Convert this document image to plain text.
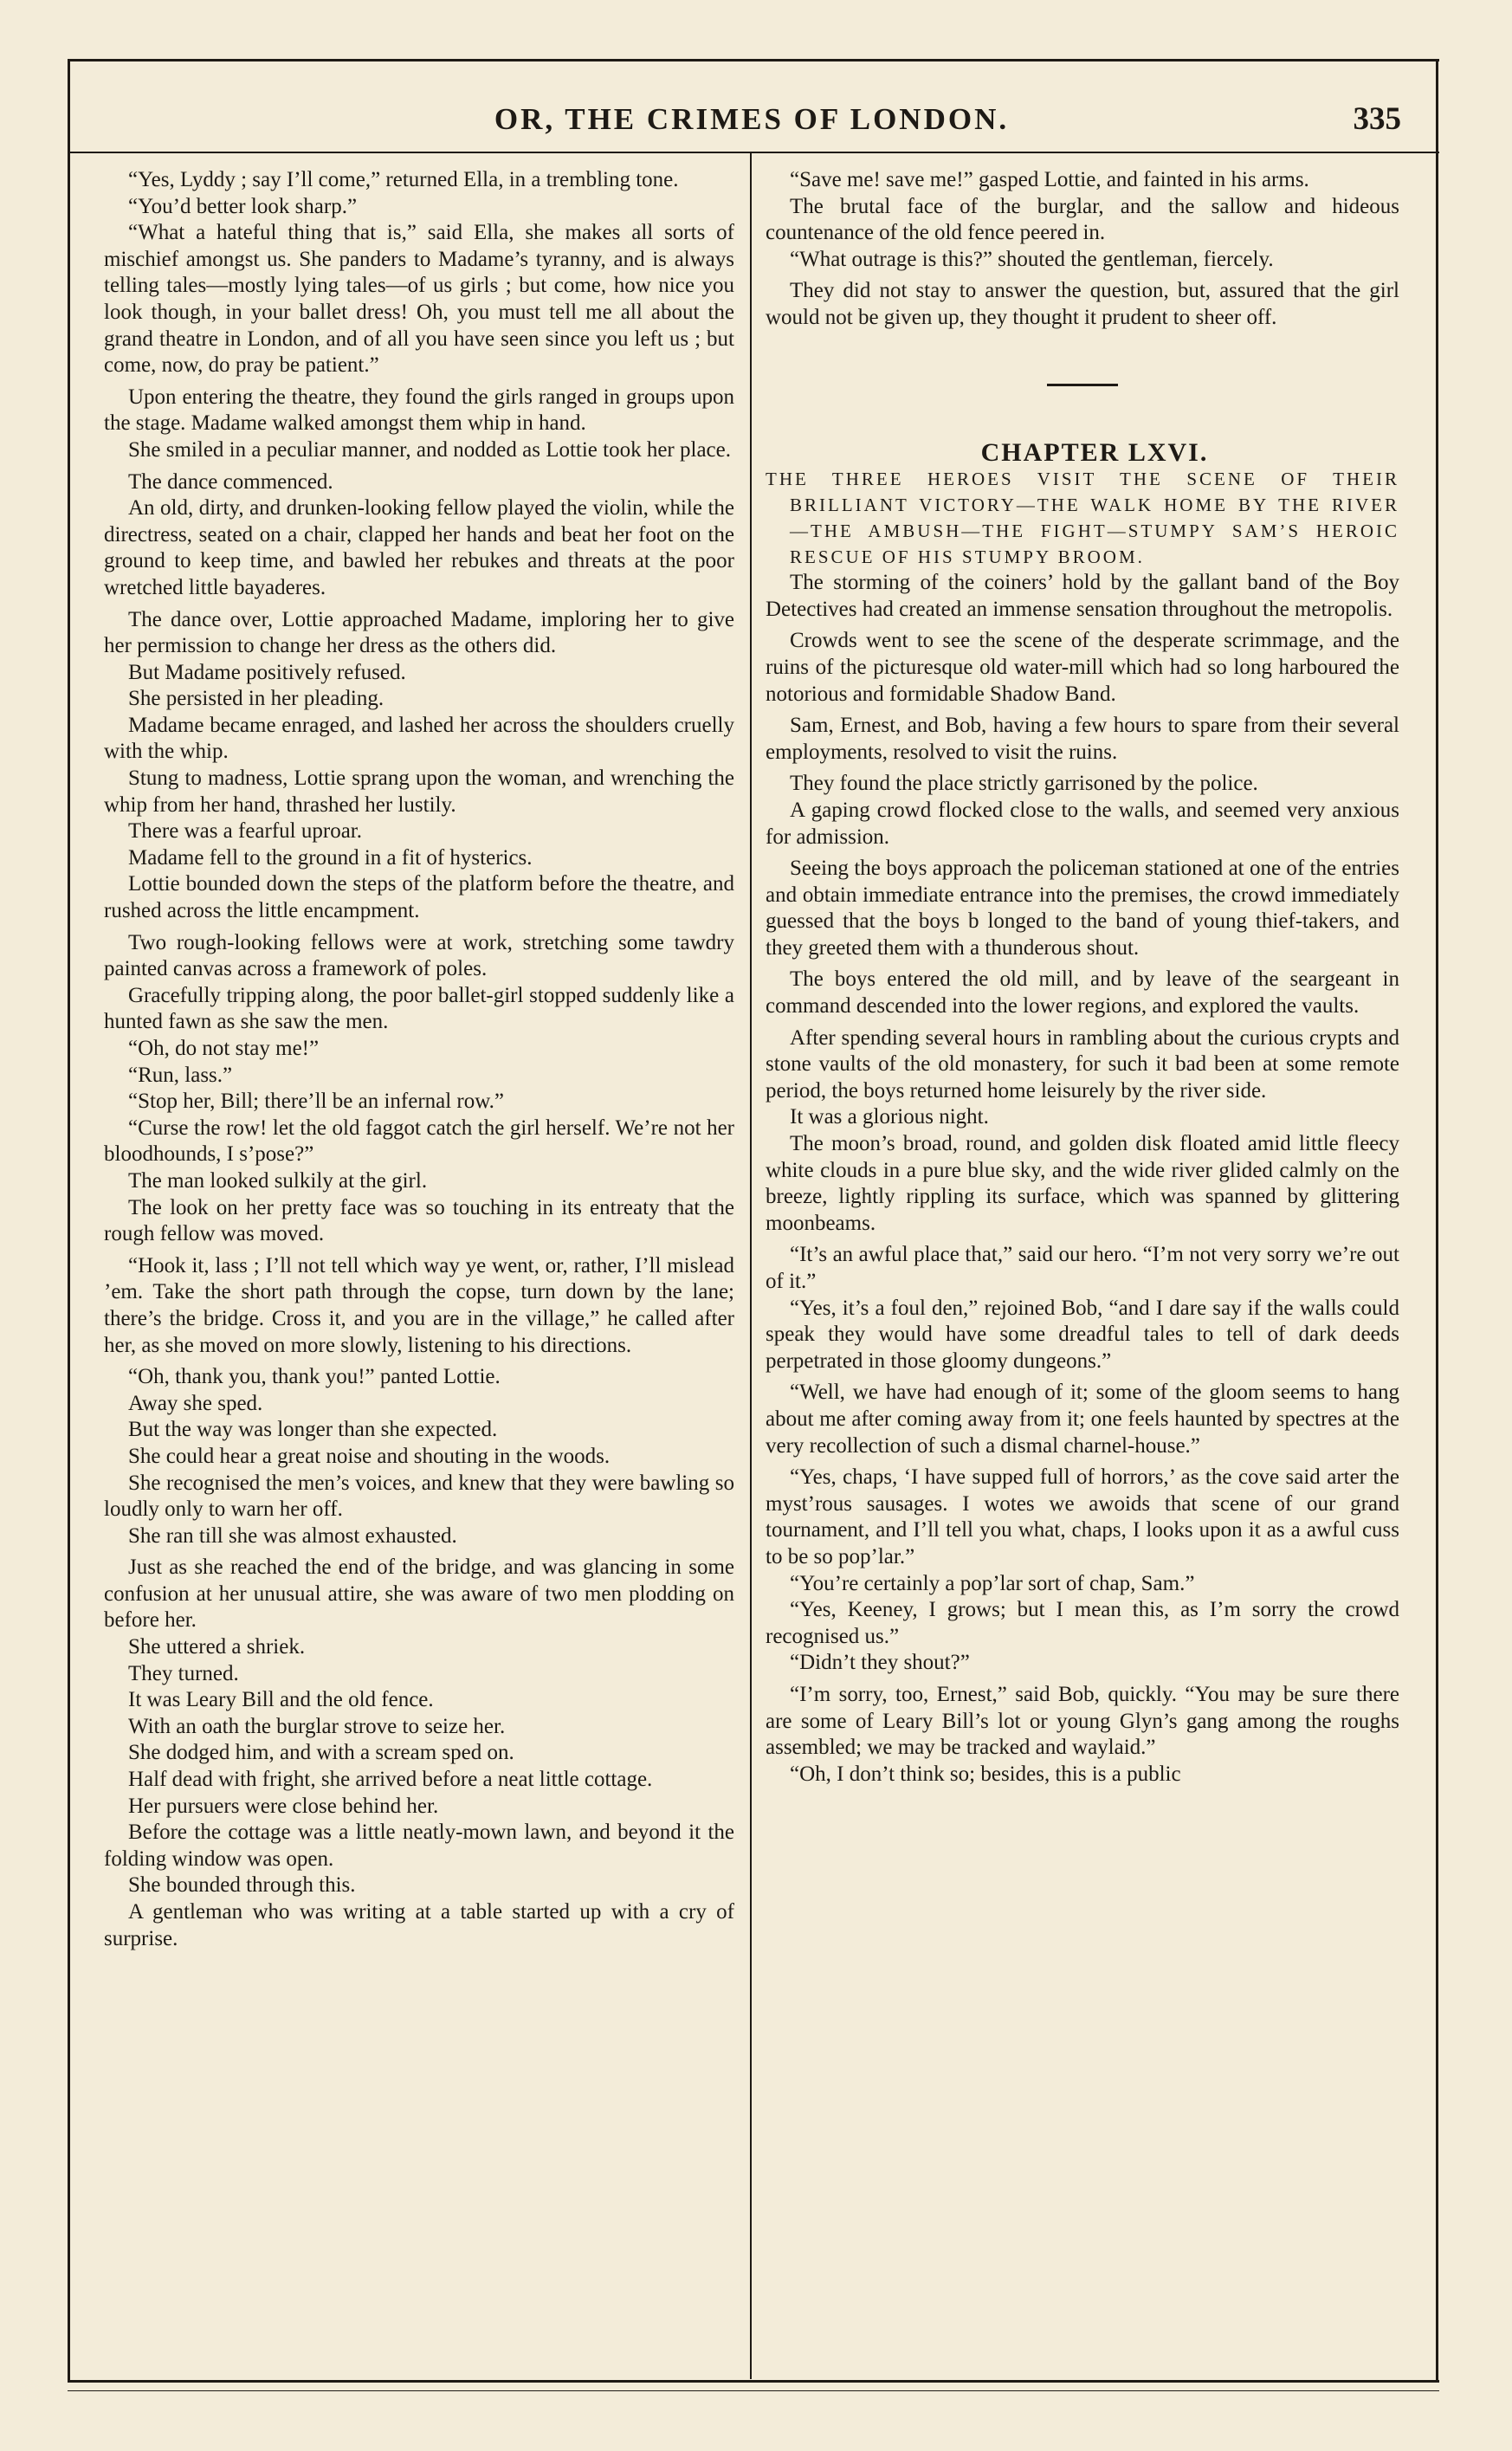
OR, THE CRIMES OF LONDON.	335

“Yes, Lyddy ; say I’ll come,” returned Ella, in a trembling tone.

“You’d better look sharp.”

“What a hateful thing that is,” said Ella, she makes all sorts of mischief amongst us. She panders to Madame’s tyranny, and is always telling tales—mostly lying tales—of us girls ; but come, how nice you look though, in your ballet dress! Oh, you must tell me all about the grand theatre in London, and of all you have seen since you left us ; but come, now, do pray be patient.”

Upon entering the theatre, they found the girls ranged in groups upon the stage. Madame walked amongst them whip in hand.

She smiled in a peculiar manner, and nodded as Lottie took her place.

The dance commenced.

An old, dirty, and drunken-looking fellow played the violin, while the directress, seated on a chair, clapped her hands and beat her foot on the ground to keep time, and bawled her rebukes and threats at the poor wretched little bayaderes.

The dance over, Lottie approached Madame, imploring her to give her permission to change her dress as the others did.

But Madame positively refused.

She persisted in her pleading.

Madame became enraged, and lashed her across the shoulders cruelly with the whip.

Stung to madness, Lottie sprang upon the woman, and wrenching the whip from her hand, thrashed her lustily.

There was a fearful uproar.

Madame fell to the ground in a fit of hysterics.

Lottie bounded down the steps of the platform before the theatre, and rushed across the little encampment.

Two rough-looking fellows were at work, stretching some tawdry painted canvas across a framework of poles.

Gracefully tripping along, the poor ballet-girl stopped suddenly like a hunted fawn as she saw the men.

“Oh, do not stay me!”

“Run, lass.”

“Stop her, Bill; there’ll be an infernal row.”

“Curse the row! let the old faggot catch the girl herself. We’re not her bloodhounds, I s’pose?”

The man looked sulkily at the girl.

The look on her pretty face was so touching in its entreaty that the rough fellow was moved.

“Hook it, lass ; I’ll not tell which way ye went, or, rather, I’ll mislead ’em. Take the short path through the copse, turn down by the lane; there’s the bridge. Cross it, and you are in the village,” he called after her, as she moved on more slowly, listening to his directions.

“Oh, thank you, thank you!” panted Lottie.

Away she sped.

But the way was longer than she expected.

She could hear a great noise and shouting in the woods.

She recognised the men’s voices, and knew that they were bawling so loudly only to warn her off.

She ran till she was almost exhausted.

Just as she reached the end of the bridge, and was glancing in some confusion at her unusual attire, she was aware of two men plodding on before her.

She uttered a shriek.

They turned.

It was Leary Bill and the old fence.

With an oath the burglar strove to seize her.

She dodged him, and with a scream sped on.

Half dead with fright, she arrived before a neat little cottage.

Her pursuers were close behind her.

Before the cottage was a little neatly-mown lawn, and beyond it the folding window was open.

She bounded through this.

A gentleman who was writing at a table started up with a cry of surprise.

“Save me! save me!” gasped Lottie, and fainted in his arms.

The brutal face of the burglar, and the sallow and hideous countenance of the old fence peered in.

“What outrage is this?” shouted the gentleman, fiercely.

They did not stay to answer the question, but, assured that the girl would not be given up, they thought it prudent to sheer off.

CHAPTER LXVI.

THE THREE HEROES VISIT THE SCENE OF THEIR BRILLIANT VICTORY—THE WALK HOME BY THE RIVER—THE AMBUSH—THE FIGHT—STUMPY SAM’S HEROIC RESCUE OF HIS STUMPY BROOM.

The storming of the coiners’ hold by the gallant band of the Boy Detectives had created an immense sensation throughout the metropolis.

Crowds went to see the scene of the desperate scrimmage, and the ruins of the picturesque old water-mill which had so long harboured the notorious and formidable Shadow Band.

Sam, Ernest, and Bob, having a few hours to spare from their several employments, resolved to visit the ruins.

They found the place strictly garrisoned by the police.

A gaping crowd flocked close to the walls, and seemed very anxious for admission.

Seeing the boys approach the policeman stationed at one of the entries and obtain immediate entrance into the premises, the crowd immediately guessed that the boys b longed to the band of young thief-takers, and they greeted them with a thunderous shout.

The boys entered the old mill, and by leave of the seargeant in command descended into the lower regions, and explored the vaults.

After spending several hours in rambling about the curious crypts and stone vaults of the old monastery, for such it bad been at some remote period, the boys returned home leisurely by the river side.

It was a glorious night.

The moon’s broad, round, and golden disk floated amid little fleecy white clouds in a pure blue sky, and the wide river glided calmly on the breeze, lightly rippling its surface, which was spanned by glittering moonbeams.

“It’s an awful place that,” said our hero. “I’m not very sorry we’re out of it.”

“Yes, it’s a foul den,” rejoined Bob, “and I dare say if the walls could speak they would have some dreadful tales to tell of dark deeds perpetrated in those gloomy dungeons.”

“Well, we have had enough of it; some of the gloom seems to hang about me after coming away from it; one feels haunted by spectres at the very recollection of such a dismal charnel-house.”

“Yes, chaps, ‘I have supped full of horrors,’ as the cove said arter the myst’rous sausages. I wotes we awoids that scene of our grand tournament, and I’ll tell you what, chaps, I looks upon it as a awful cuss to be so pop’lar.”

“You’re certainly a pop’lar sort of chap, Sam.”

“Yes, Keeney, I grows; but I mean this, as I’m sorry the crowd recognised us.”

“Didn’t they shout?”

“I’m sorry, too, Ernest,” said Bob, quickly. “You may be sure there are some of Leary Bill’s lot or young Glyn’s gang among the roughs assembled; we may be tracked and waylaid.”

“Oh, I don’t think so; besides, this is a public
